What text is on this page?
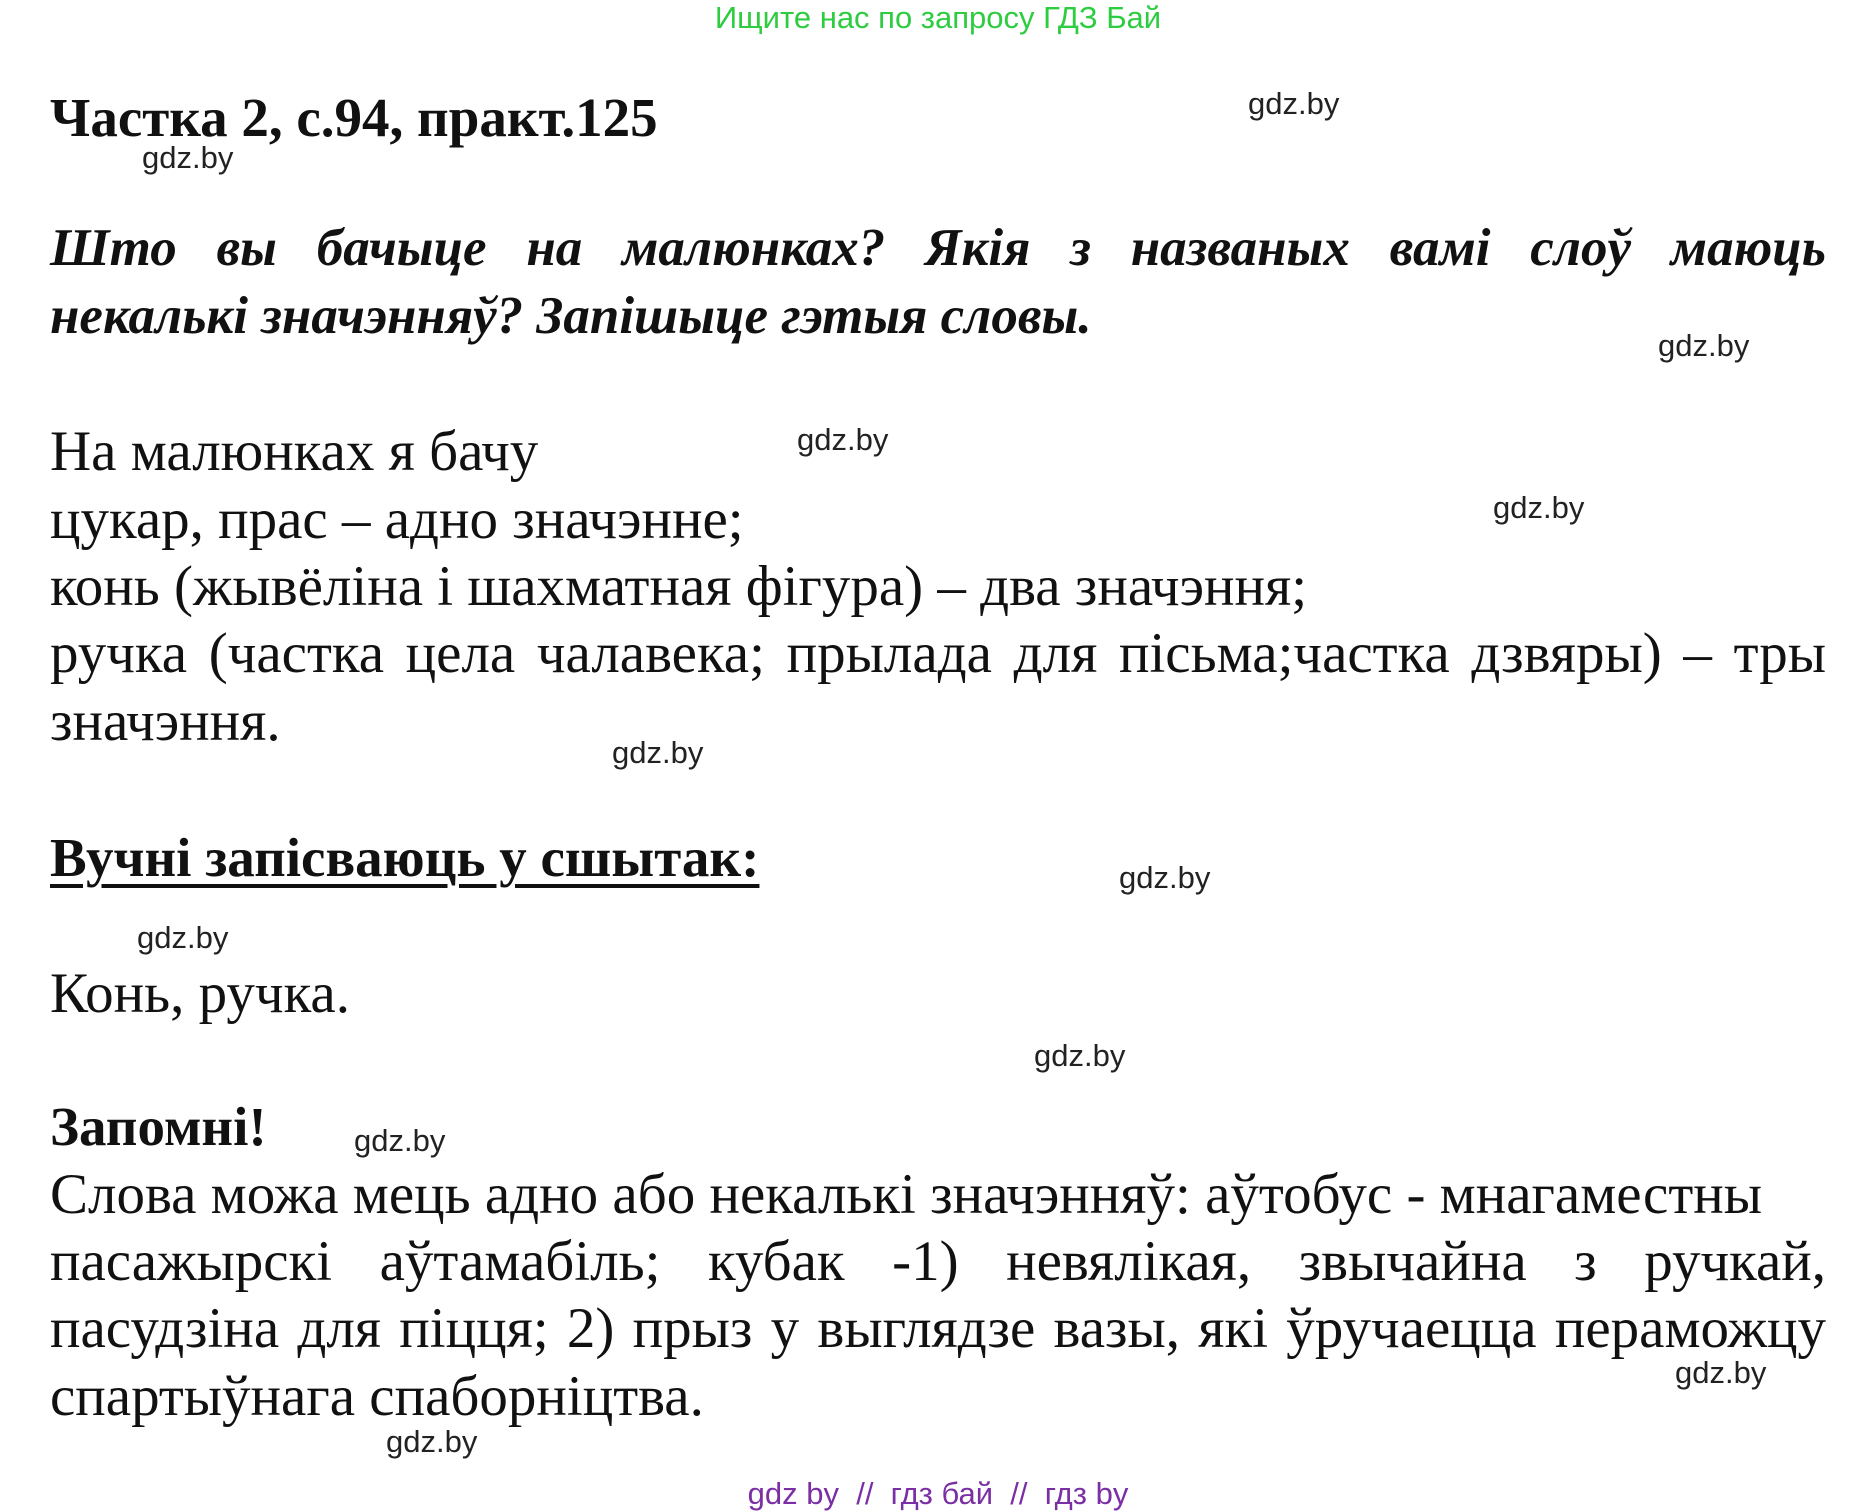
Ищите нас по запросу ГДЗ Бай
Частка 2, с.94, практ.125
Што вы бачыце на малюнках? Якія з названых вамі слоў маюць
некалькі значэнняў? Запішыце гэтыя словы.
На малюнках я бачу
цукар, прас – адно значэнне;
конь (жывёліна і шахматная фігура) – два значэння;
ручка (частка цела чалавека; прылада для пісьма;частка дзвяры) – тры
значэння.
Вучні запісваюць у сшытак:
Конь, ручка.
Запомні!
Слова можа мець адно або некалькі значэнняў: аўтобус - мнагаместны
пасажырскі аўтамабіль; кубак -1) невялікая, звычайна з ручкай,
пасудзіна для піцця; 2) прыз у выглядзе вазы, які ўручаецца пераможцу
спартыўнага спаборніцтва.
gdz.by
gdz.by
gdz.by
gdz.by
gdz.by
gdz.by
gdz.by
gdz.by
gdz.by
gdz.by
gdz.by
gdz.by
gdz by  //  гдз бай  //  гдз by
